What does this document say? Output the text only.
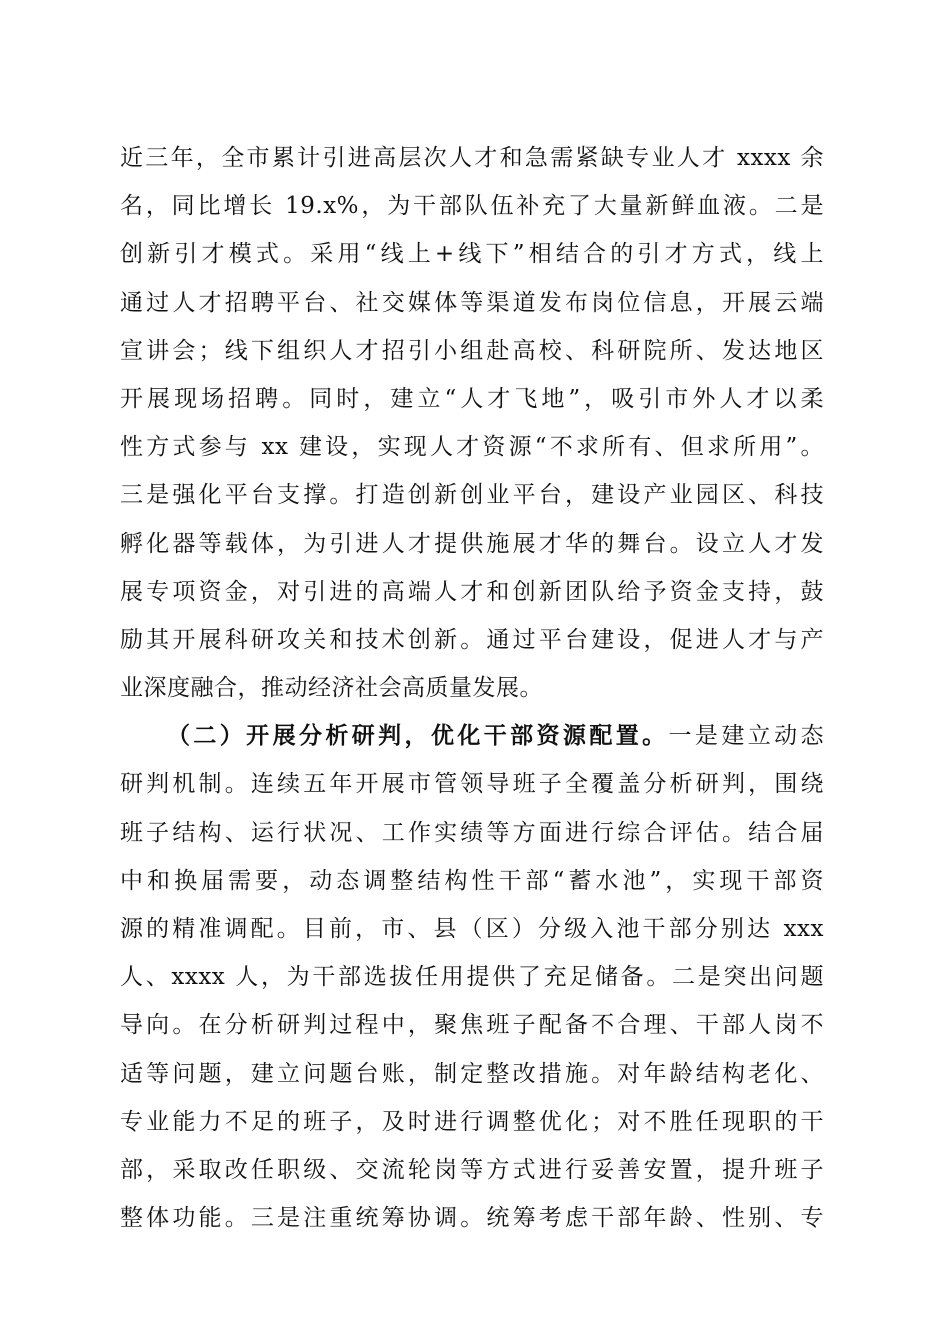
近三年，全市累计引进高层次人才和急需紧缺专业人才 xxxx 余
名，同比增长 19.x%，为干部队伍补充了大量新鲜血液。二是
创新引才模式。采用“线上+线下”相结合的引才方式，线上
通过人才招聘平台、社交媒体等渠道发布岗位信息，开展云端
宣讲会；线下组织人才招引小组赴高校、科研院所、发达地区
开展现场招聘。同时，建立“人才飞地”，吸引市外人才以柔
性方式参与 xx 建设，实现人才资源“不求所有、但求所用”。
三是强化平台支撑。打造创新创业平台，建设产业园区、科技
孵化器等载体，为引进人才提供施展才华的舞台。设立人才发
展专项资金，对引进的高端人才和创新团队给予资金支持，鼓
励其开展科研攻关和技术创新。通过平台建设，促进人才与产
业深度融合，推动经济社会高质量发展。
（二）开展分析研判，优化干部资源配置。一是建立动态
研判机制。连续五年开展市管领导班子全覆盖分析研判，围绕
班子结构、运行状况、工作实绩等方面进行综合评估。结合届
中和换届需要，动态调整结构性干部“蓄水池”，实现干部资
源的精准调配。目前，市、县（区）分级入池干部分别达 xxx
人、xxxx 人，为干部选拔任用提供了充足储备。二是突出问题
导向。在分析研判过程中，聚焦班子配备不合理、干部人岗不
适等问题，建立问题台账，制定整改措施。对年龄结构老化、
专业能力不足的班子，及时进行调整优化；对不胜任现职的干
部，采取改任职级、交流轮岗等方式进行妥善安置，提升班子
整体功能。三是注重统筹协调。统筹考虑干部年龄、性别、专
